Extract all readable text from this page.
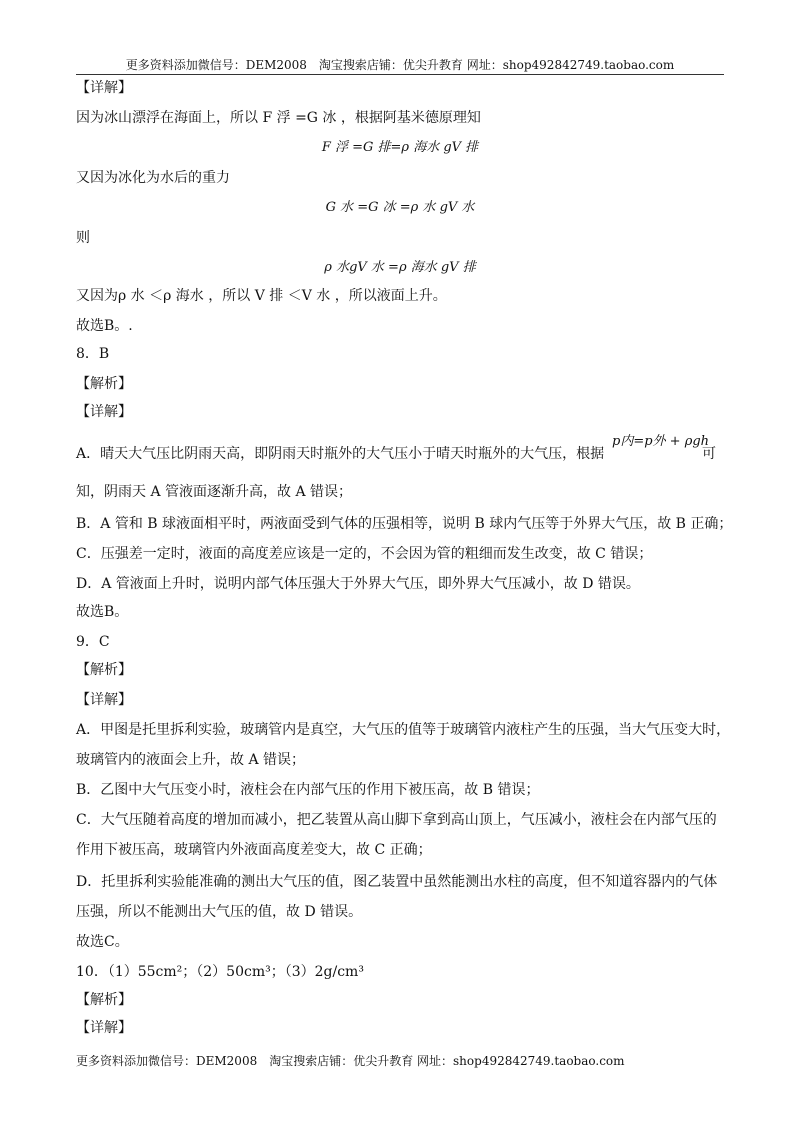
更多资料添加微信号：DEM2008　淘宝搜索店铺：优尖升教育 网址：shop492842749.taobao.com
【详解】
因为冰山漂浮在海面上，所以 F 浮 =G 冰 ，根据阿基米德原理知
F 浮 =G 排=ρ 海水 gV 排
又因为冰化为水后的重力
G 水 =G 冰 =ρ 水 gV 水
则
ρ 水gV 水 =ρ 海水 gV 排
又因为ρ 水 ＜ρ 海水 ，所以 V 排 ＜V 水 ，所以液面上升。
故选B。.
8．B
【解析】
【详解】
A．晴天大气压比阴雨天高，即阴雨天时瓶外的大气压小于晴天时瓶外的大气压，根据
p内=p外 + ρgh
可
知，阴雨天 A 管液面逐渐升高，故 A 错误；
B．A 管和 B 球液面相平时，两液面受到气体的压强相等，说明 B 球内气压等于外界大气压，故 B 正确；
C．压强差一定时，液面的高度差应该是一定的，不会因为管的粗细而发生改变，故 C 错误；
D．A 管液面上升时，说明内部气体压强大于外界大气压，即外界大气压减小，故 D 错误。
故选B。
9．C
【解析】
【详解】
A．甲图是托里拆利实验，玻璃管内是真空，大气压的值等于玻璃管内液柱产生的压强，当大气压变大时，
玻璃管内的液面会上升，故 A 错误；
B．乙图中大气压变小时，液柱会在内部气压的作用下被压高，故 B 错误；
C．大气压随着高度的增加而减小，把乙装置从高山脚下拿到高山顶上，气压减小，液柱会在内部气压的
作用下被压高，玻璃管内外液面高度差变大，故 C 正确；
D．托里拆利实验能准确的测出大气压的值，图乙装置中虽然能测出水柱的高度，但不知道容器内的气体
压强，所以不能测出大气压的值，故 D 错误。
故选C。
10．（1）55cm²；（2）50cm³；（3）2g/cm³
【解析】
【详解】
更多资料添加微信号：DEM2008　淘宝搜索店铺：优尖升教育 网址：shop492842749.taobao.com
